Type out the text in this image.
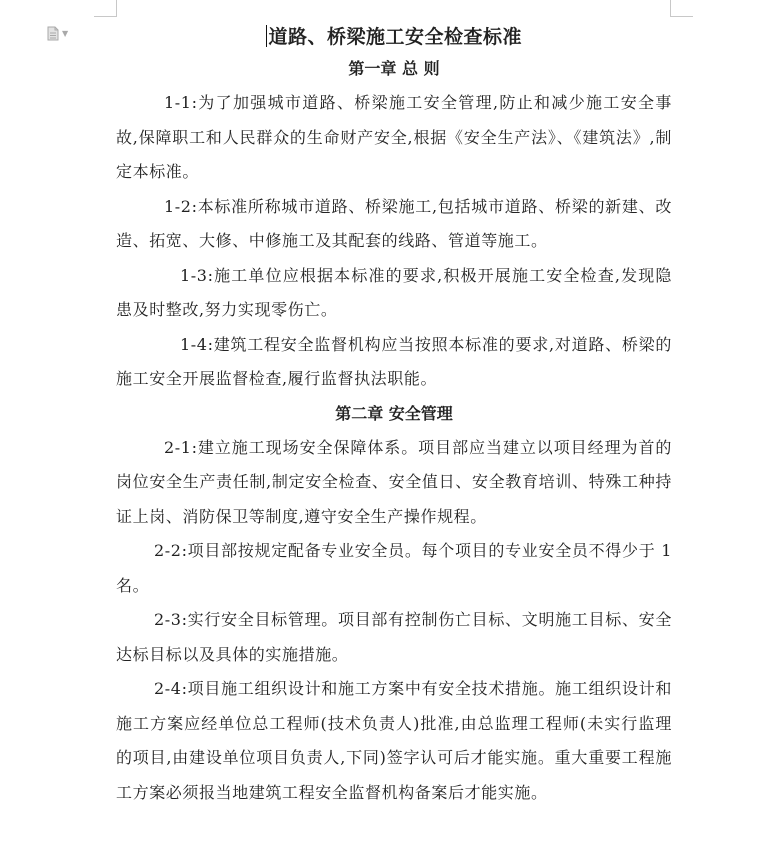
▼	道路、桥梁施工安全检查标准
第一章 总 则

1-1:为了加强城市道路、桥梁施工安全管理,防止和减少施工安全事故,保障职工和人民群众的生命财产安全,根据《安全生产法》、《建筑法》,制定本标准。

1-2:本标准所称城市道路、桥梁施工,包括城市道路、桥梁的新建、改造、拓宽、大修、中修施工及其配套的线路、管道等施工。

1-3:施工单位应根据本标准的要求,积极开展施工安全检查,发现隐患及时整改,努力实现零伤亡。

1-4:建筑工程安全监督机构应当按照本标准的要求,对道路、桥梁的施工安全开展监督检查,履行监督执法职能。

第二章 安全管理

2-1:建立施工现场安全保障体系。项目部应当建立以项目经理为首的岗位安全生产责任制,制定安全检查、安全值日、安全教育培训、特殊工种持证上岗、消防保卫等制度,遵守安全生产操作规程。

2-2:项目部按规定配备专业安全员。每个项目的专业安全员不得少于 1 名。

2-3:实行安全目标管理。项目部有控制伤亡目标、文明施工目标、安全达标目标以及具体的实施措施。

2-4:项目施工组织设计和施工方案中有安全技术措施。施工组织设计和施工方案应经单位总工程师(技术负责人)批准,由总监理工程师(未实行监理的项目,由建设单位项目负责人,下同)签字认可后才能实施。重大重要工程施工方案必须报当地建筑工程安全监督机构备案后才能实施。
